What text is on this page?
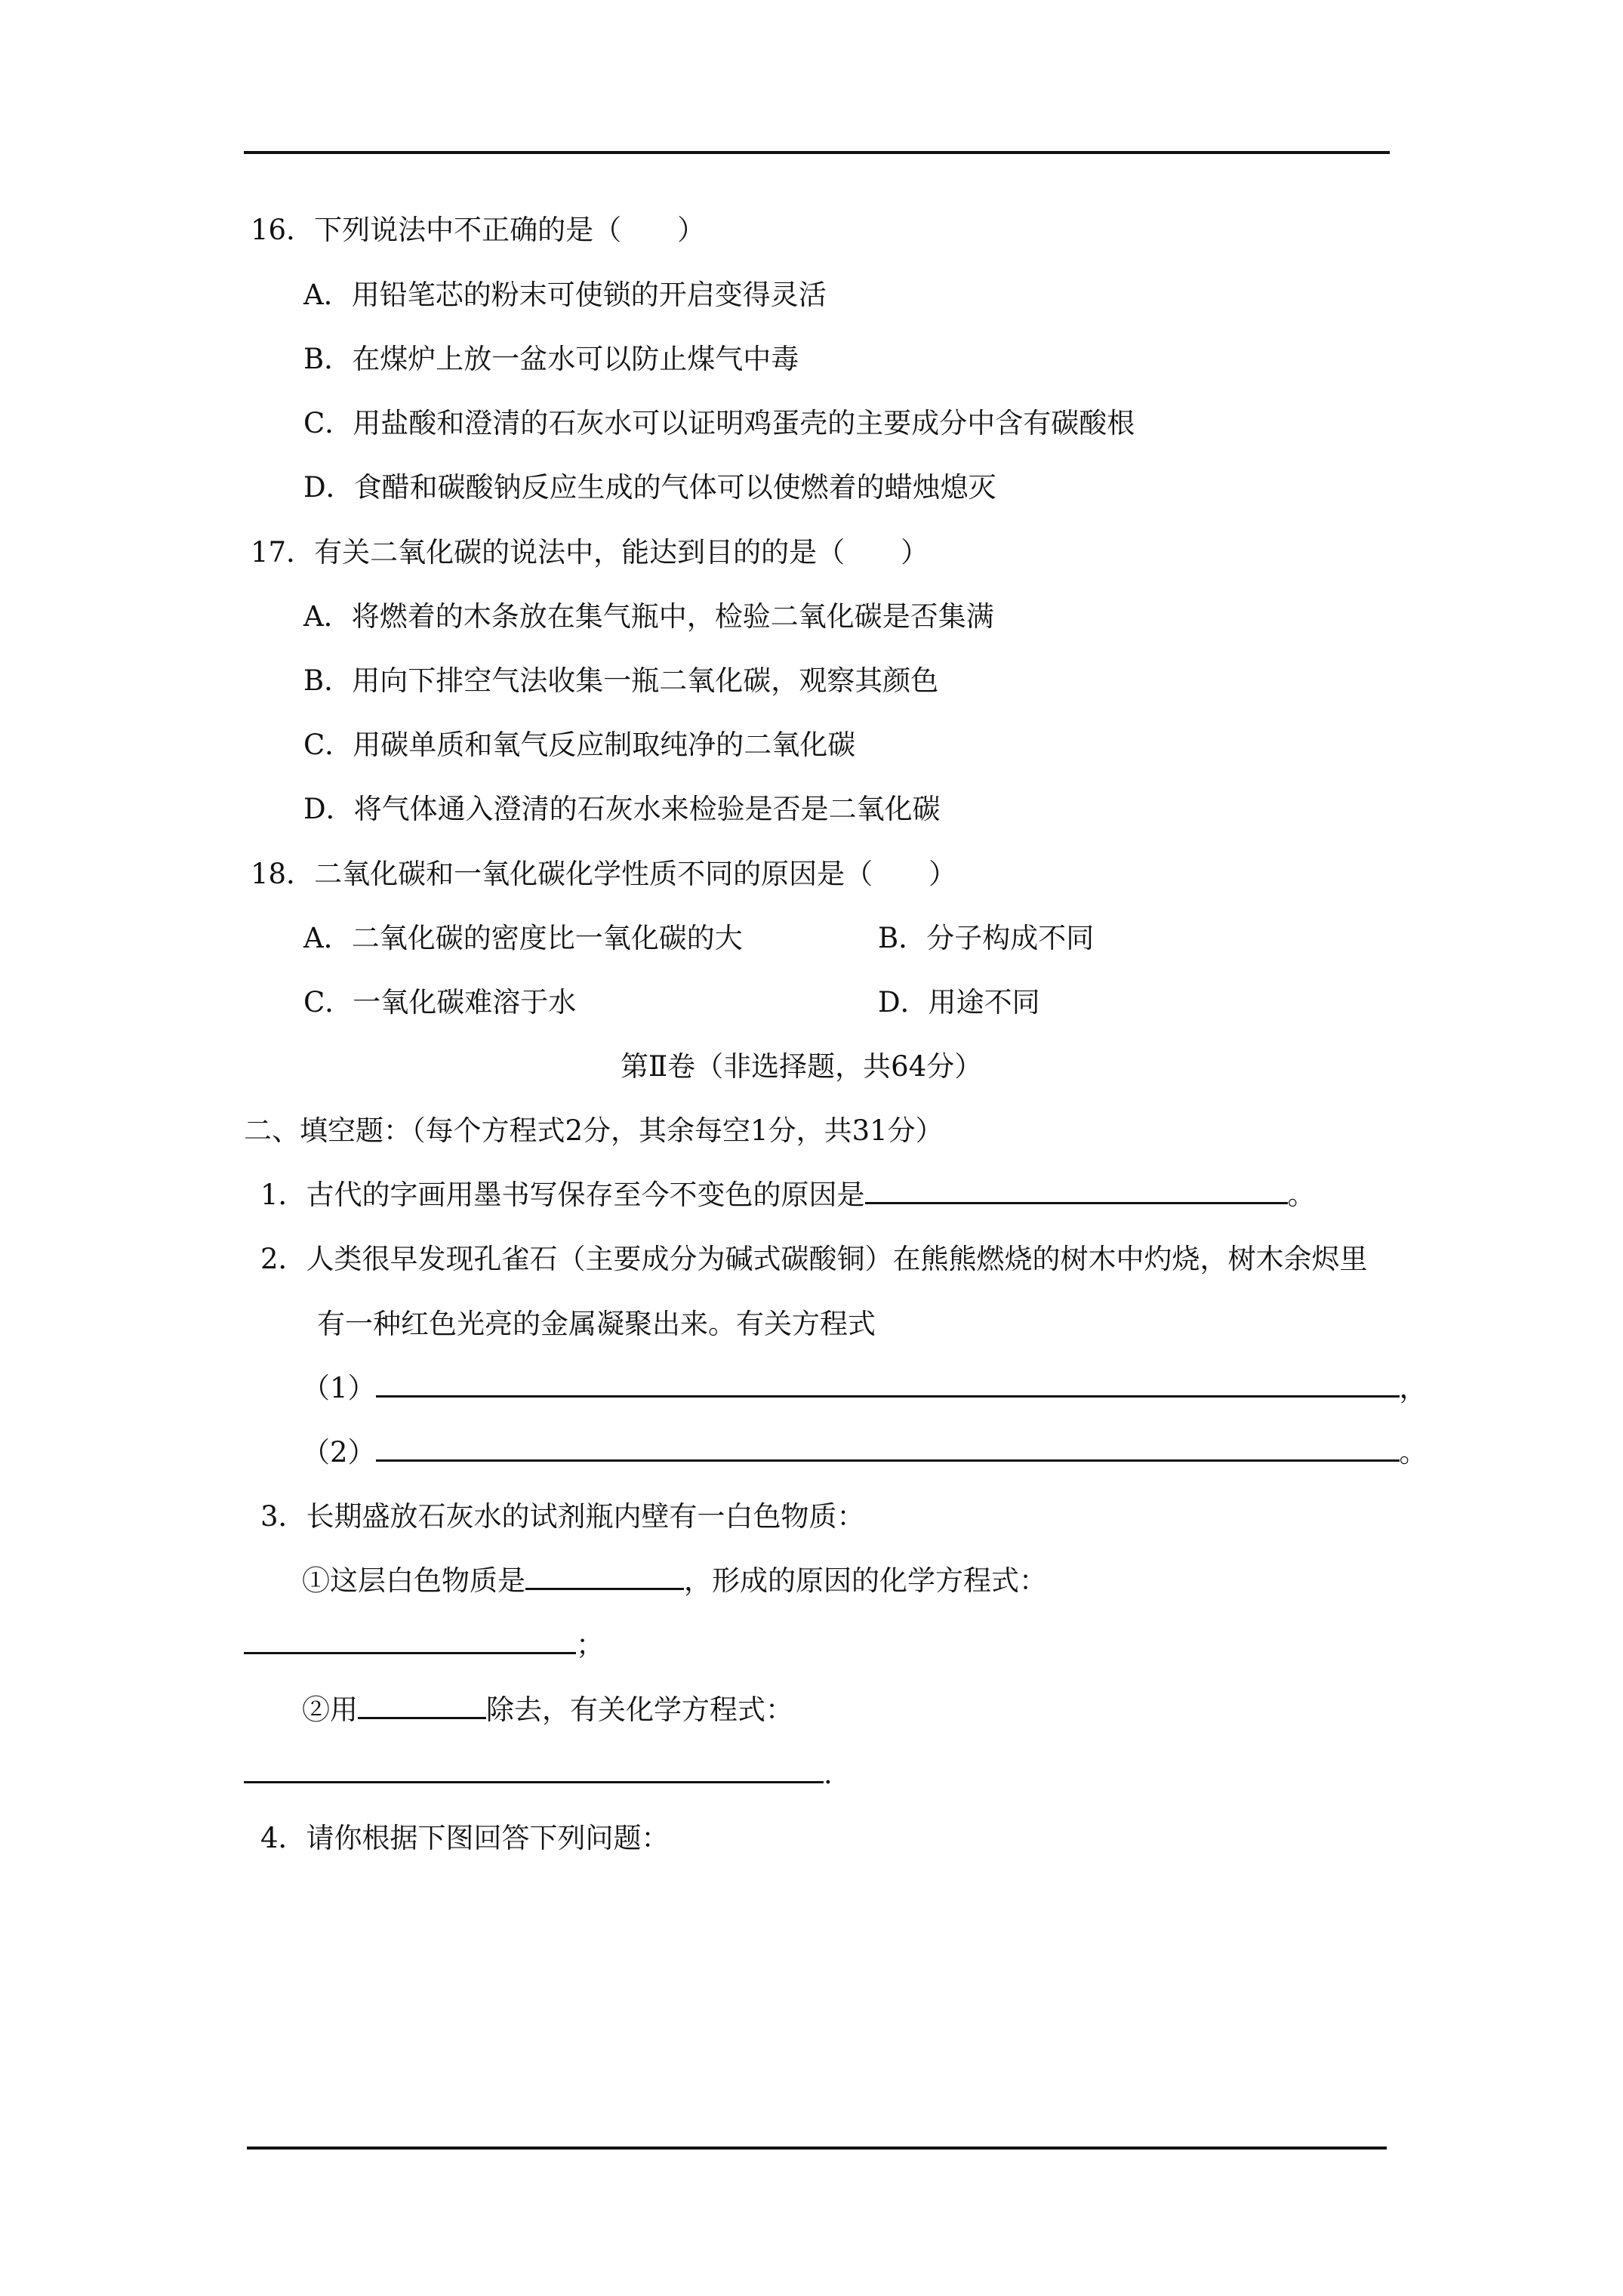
16．下列说法中不正确的是（　　）
A．用铅笔芯的粉末可使锁的开启变得灵活
B．在煤炉上放一盆水可以防止煤气中毒
C．用盐酸和澄清的石灰水可以证明鸡蛋壳的主要成分中含有碳酸根
D．食醋和碳酸钠反应生成的气体可以使燃着的蜡烛熄灭
17．有关二氧化碳的说法中，能达到目的的是（　　）
A．将燃着的木条放在集气瓶中，检验二氧化碳是否集满
B．用向下排空气法收集一瓶二氧化碳，观察其颜色
C．用碳单质和氧气反应制取纯净的二氧化碳
D．将气体通入澄清的石灰水来检验是否是二氧化碳
18．二氧化碳和一氧化碳化学性质不同的原因是（　　）
A．二氧化碳的密度比一氧化碳的大	B．分子构成不同
C．一氧化碳难溶于水	D．用途不同
第Ⅱ卷（非选择题，共64分）
二、填空题：（每个方程式2分，其余每空1分，共31分）
1．古代的字画用墨书写保存至今不变色的原因是	。
2．人类很早发现孔雀石（主要成分为碱式碳酸铜）在熊熊燃烧的树木中灼烧，树木余烬里
有一种红色光亮的金属凝聚出来。有关方程式
（1）	，
（2）	。
3．长期盛放石灰水的试剂瓶内壁有一白色物质：
①这层白色物质是	，形成的原因的化学方程式：
；
②用	除去，有关化学方程式：
.
4．请你根据下图回答下列问题：
